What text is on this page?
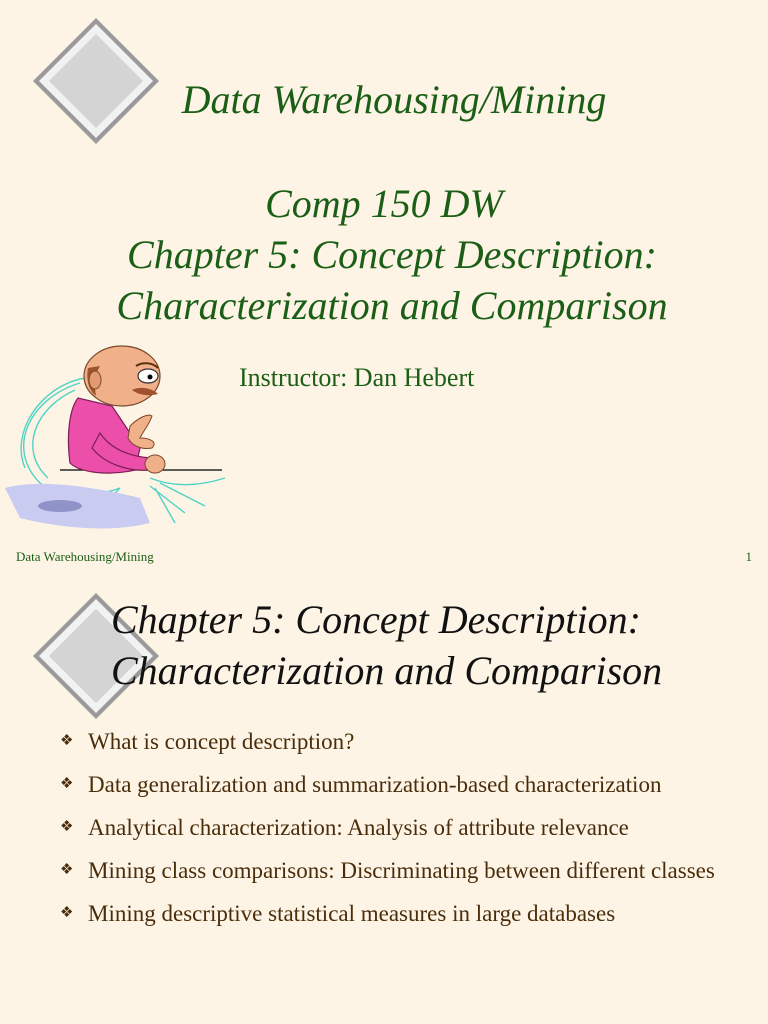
Data Warehousing/Mining
Comp 150 DW
Chapter 5: Concept Description:
Characterization and Comparison
Instructor: Dan Hebert
Data Warehousing/Mining	1
Chapter 5: Concept Description:
Characterization and Comparison
❖ What is concept description?
❖ Data generalization and summarization-based characterization
❖ Analytical characterization: Analysis of attribute relevance
❖ Mining class comparisons: Discriminating between different classes
❖ Mining descriptive statistical measures in large databases
